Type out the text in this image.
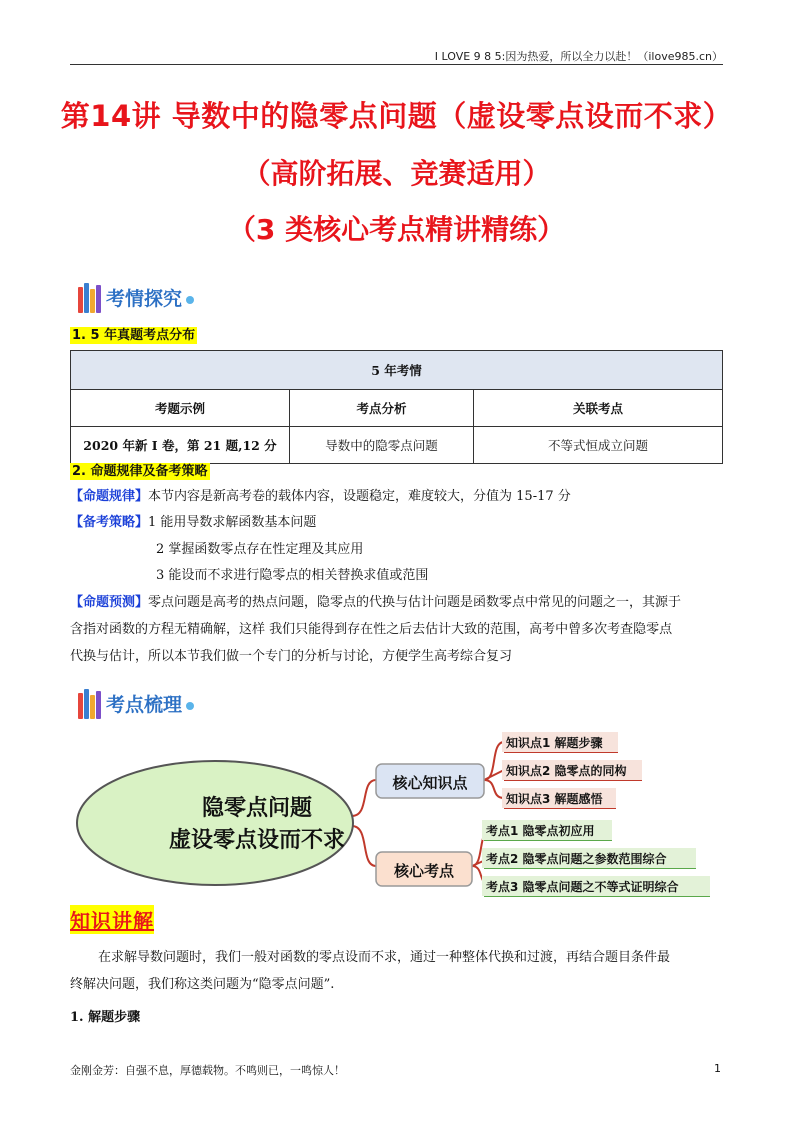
I LOVE 9 8 5:因为热爱，所以全力以赴！（ilove985.cn）
第14讲 导数中的隐零点问题（虚设零点设而不求）
（高阶拓展、竞赛适用）
（3 类核心考点精讲精练）
考情探究
1. 5 年真题考点分布
5 年考情		
考题示例	考点分析	关联考点
2020 年新 I 卷，第 21 题,12 分	导数中的隐零点问题	不等式恒成立问题
2. 命题规律及备考策略
【命题规律】本节内容是新高考卷的载体内容，设题稳定，难度较大，分值为 15-17 分
【备考策略】1 能用导数求解函数基本问题
2 掌握函数零点存在性定理及其应用
3 能设而不求进行隐零点的相关替换求值或范围
【命题预测】零点问题是高考的热点问题，隐零点的代换与估计问题是函数零点中常见的问题之一，其源于
含指对函数的方程无精确解，这样 我们只能得到存在性之后去估计大致的范围，高考中曾多次考查隐零点
代换与估计，所以本节我们做一个专门的分析与讨论，方便学生高考综合复习
考点梳理
隐零点问题
虚设零点设而不求
核心知识点
核心考点
知识点1 解题步骤
知识点2 隐零点的同构
知识点3 解题感悟
考点1 隐零点初应用
考点2 隐零点问题之参数范围综合
考点3 隐零点问题之不等式证明综合
知识讲解
在求解导数问题时，我们一般对函数的零点设而不求，通过一种整体代换和过渡，再结合题目条件最
终解决问题，我们称这类问题为“隐零点问题”.
1. 解题步骤
金刚金芳：自强不息，厚德载物。不鸣则已，一鸣惊人！	1
